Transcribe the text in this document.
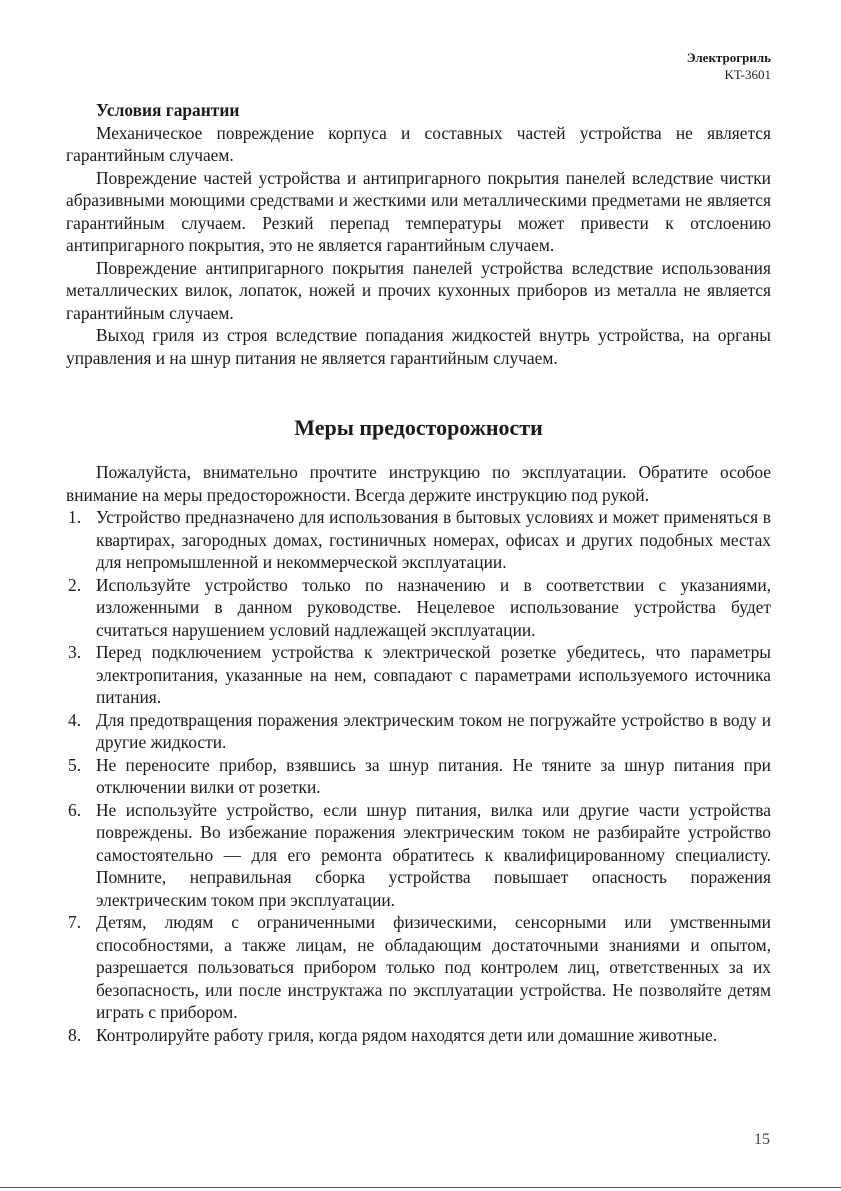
Электрогриль
KT-3601
Условия гарантии

Механическое повреждение корпуса и составных частей устройства не является гарантийным случаем.

Повреждение частей устройства и антипригарного покрытия панелей вследствие чистки абразивными моющими средствами и жесткими или металлическими предметами не является гарантийным случаем. Резкий перепад температуры может привести к отслоению антипригарного покрытия, это не является гарантийным случаем.

Повреждение антипригарного покрытия панелей устройства вследствие использования металлических вилок, лопаток, ножей и прочих кухонных приборов из металла не является гарантийным случаем.

Выход гриля из строя вследствие попадания жидкостей внутрь устройства, на органы управления и на шнур питания не является гарантийным случаем.

Меры предосторожности

Пожалуйста, внимательно прочтите инструкцию по эксплуатации. Обратите особое внимание на меры предосторожности. Всегда держите инструкцию под рукой.

1. Устройство предназначено для использования в бытовых условиях и может применяться в квартирах, загородных домах, гостиничных номерах, офисах и других подобных местах для непромышленной и некоммерческой эксплуатации.
2. Используйте устройство только по назначению и в соответствии с указаниями, изложенными в данном руководстве. Нецелевое использование устройства будет считаться нарушением условий надлежащей эксплуатации.
3. Перед подключением устройства к электрической розетке убедитесь, что параметры электропитания, указанные на нем, совпадают с параметрами используемого источника питания.
4. Для предотвращения поражения электрическим током не погружайте устройство в воду и другие жидкости.
5. Не переносите прибор, взявшись за шнур питания. Не тяните за шнур питания при отключении вилки от розетки.
6. Не используйте устройство, если шнур питания, вилка или другие части устройства повреждены. Во избежание поражения электрическим током не разбирайте устройство самостоятельно — для его ремонта обратитесь к квалифицированному специалисту. Помните, неправильная сборка устройства повышает опасность поражения электрическим током при эксплуатации.
7. Детям, людям с ограниченными физическими, сенсорными или умственными способностями, а также лицам, не обладающим достаточными знаниями и опытом, разрешается пользоваться прибором только под контролем лиц, ответственных за их безопасность, или после инструктажа по эксплуатации устройства. Не позволяйте детям играть с прибором.
8. Контролируйте работу гриля, когда рядом находятся дети или домашние животные.
15
